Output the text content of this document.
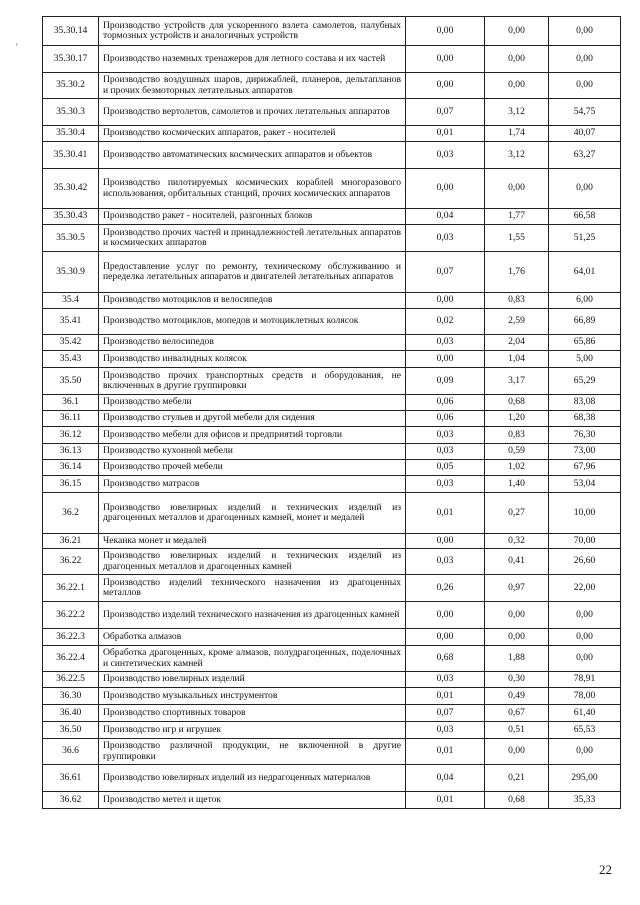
'
35.30.14	Производство устройств для ускоренного взлета самолетов, палубных тормозных устройств и аналогичных устройств	0,00	0,00	0,00
35.30.17	Производство наземных тренажеров для летного состава и их частей	0,00	0,00	0,00
35.30.2	Производство воздушных шаров, дирижаблей, планеров, дельтапланов и прочих безмоторных летательных аппаратов	0,00	0,00	0,00
35.30.3	Производство вертолетов, самолетов и прочих летательных аппаратов	0,07	3,12	54,75
35.30.4	Производство космических аппаратов, ракет - носителей	0,01	1,74	40,07
35.30.41	Производство автоматических космических аппаратов и объектов	0,03	3,12	63,27
35.30.42	Производство пилотируемых космических кораблей многоразового использования, орбитальных станций, прочих космических аппаратов	0,00	0,00	0,00
35.30.43	Производство ракет - носителей, разгонных блоков	0,04	1,77	66,58
35.30.5	Производство прочих частей и принадлежностей летательных аппаратов и космических аппаратов	0,03	1,55	51,25
35.30.9	Предоставление услуг по ремонту, техническому обслуживанию и переделка летательных аппаратов и двигателей летательных аппаратов	0,07	1,76	64,01
35.4	Производство мотоциклов и велосипедов	0,00	0,83	6,00
35.41	Производство мотоциклов, мопедов и мотоциклетных колясок	0,02	2,59	66,89
35.42	Производство велосипедов	0,03	2,04	65,86
35.43	Производство инвалидных колясок	0,00	1,04	5,00
35.50	Производство прочих транспортных средств и оборудования, не включенных в другие группировки	0,09	3,17	65,29
36.1	Производство мебели	0,06	0,68	83,08
36.11	Производство стульев и другой мебели для сидения	0,06	1,20	68,38
36.12	Производство мебели для офисов и предприятий торговли	0,03	0,83	76,30
36.13	Производство кухонной мебели	0,03	0,59	73,00
36.14	Производство прочей мебели	0,05	1,02	67,96
36.15	Производство матрасов	0,03	1,40	53,04
36.2	Производство ювелирных изделий и технических изделий из драгоценных металлов и драгоценных камней, монет и медалей	0,01	0,27	10,00
36.21	Чеканка монет и медалей	0,00	0,32	70,00
36.22	Производство ювелирных изделий и технических изделий из драгоценных металлов и драгоценных камней	0,03	0,41	26,60
36.22.1	Производство изделий технического назначения из драгоценных металлов	0,26	0,97	22,00
36.22.2	Производство изделий технического назначения из драгоценных камней	0,00	0,00	0,00
36.22.3	Обработка алмазов	0,00	0,00	0,00
36.22.4	Обработка драгоценных, кроме алмазов, полудрагоценных, поделочных и синтетических камней	0,68	1,88	0,00
36.22.5	Производство ювелирных изделий	0,03	0,30	78,91
36.30	Производство музыкальных инструментов	0,01	0,49	78,00
36.40	Производство спортивных товаров	0,07	0,67	61,40
36.50	Производство игр и игрушек	0,03	0,51	65,53
36.6	Производство различной продукции, не включенной в другие группировки	0,01	0,00	0,00
36.61	Производство ювелирных изделий из недрагоценных материалов	0,04	0,21	295,00
36.62	Производство метел и щеток	0,01	0,68	35,33
22
